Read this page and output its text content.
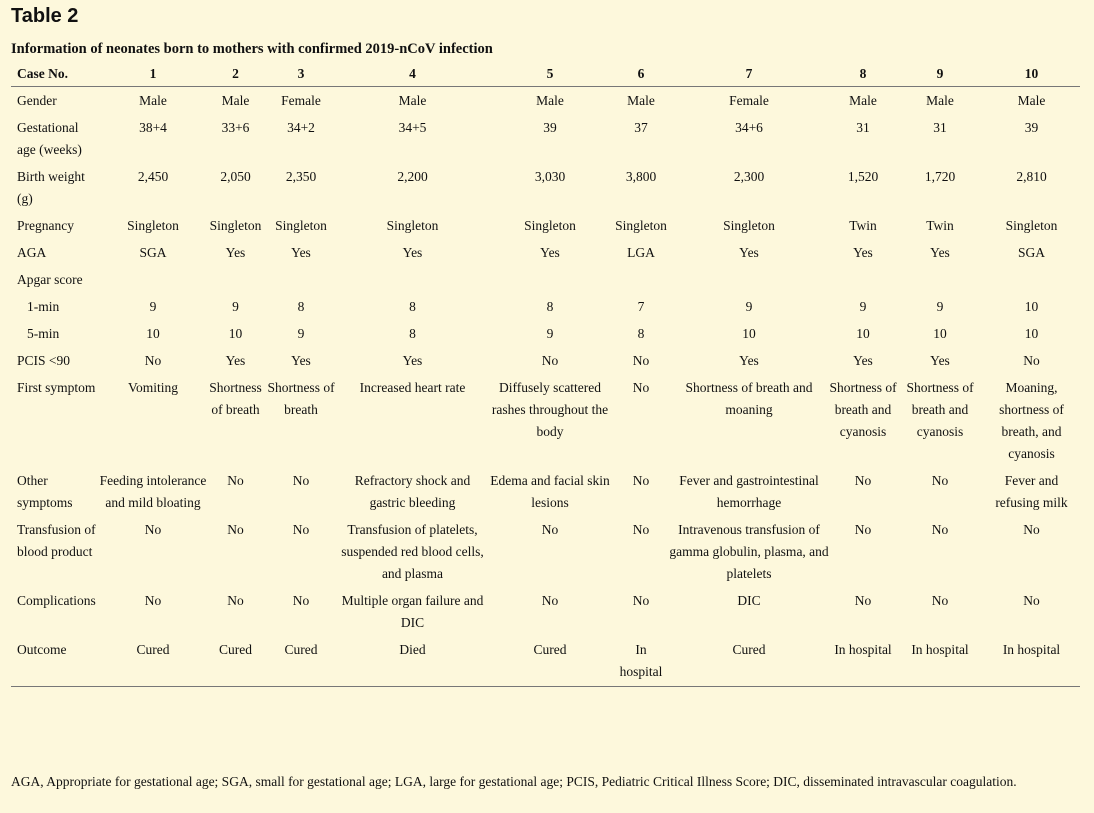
Table 2
Information of neonates born to mothers with confirmed 2019-nCoV infection
Case No.	1	2	3	4	5	6	7	8	9	10
Gender	Male	Male	Female	Male	Male	Male	Female	Male	Male	Male
Gestational age (weeks)	38+4	33+6	34+2	34+5	39	37	34+6	31	31	39
Birth weight (g)	2,450	2,050	2,350	2,200	3,030	3,800	2,300	1,520	1,720	2,810
Pregnancy	Singleton	Singleton	Singleton	Singleton	Singleton	Singleton	Singleton	Twin	Twin	Singleton
AGA	SGA	Yes	Yes	Yes	Yes	LGA	Yes	Yes	Yes	SGA
Apgar score										
1-min	9	9	8	8	8	7	9	9	9	10
5-min	10	10	9	8	9	8	10	10	10	10
PCIS <90	No	Yes	Yes	Yes	No	No	Yes	Yes	Yes	No
First symptom	Vomiting	Shortness of breath	Shortness of breath	Increased heart rate	Diffusely scattered rashes throughout the body	No	Shortness of breath and moaning	Shortness of breath and cyanosis	Shortness of breath and cyanosis	Moaning, shortness of breath, and cyanosis
Other symptoms	Feeding intolerance and mild bloating	No	No	Refractory shock and gastric bleeding	Edema and facial skin lesions	No	Fever and gastrointestinal hemorrhage	No	No	Fever and refusing milk
Transfusion of blood product	No	No	No	Transfusion of platelets, suspended red blood cells, and plasma	No	No	Intravenous transfusion of gamma globulin, plasma, and platelets	No	No	No
Complications	No	No	No	Multiple organ failure and DIC	No	No	DIC	No	No	No
Outcome	Cured	Cured	Cured	Died	Cured	In hospital	Cured	In hospital	In hospital	In hospital
AGA, Appropriate for gestational age; SGA, small for gestational age; LGA, large for gestational age; PCIS, Pediatric Critical Illness Score; DIC, disseminated intravascular coagulation.
